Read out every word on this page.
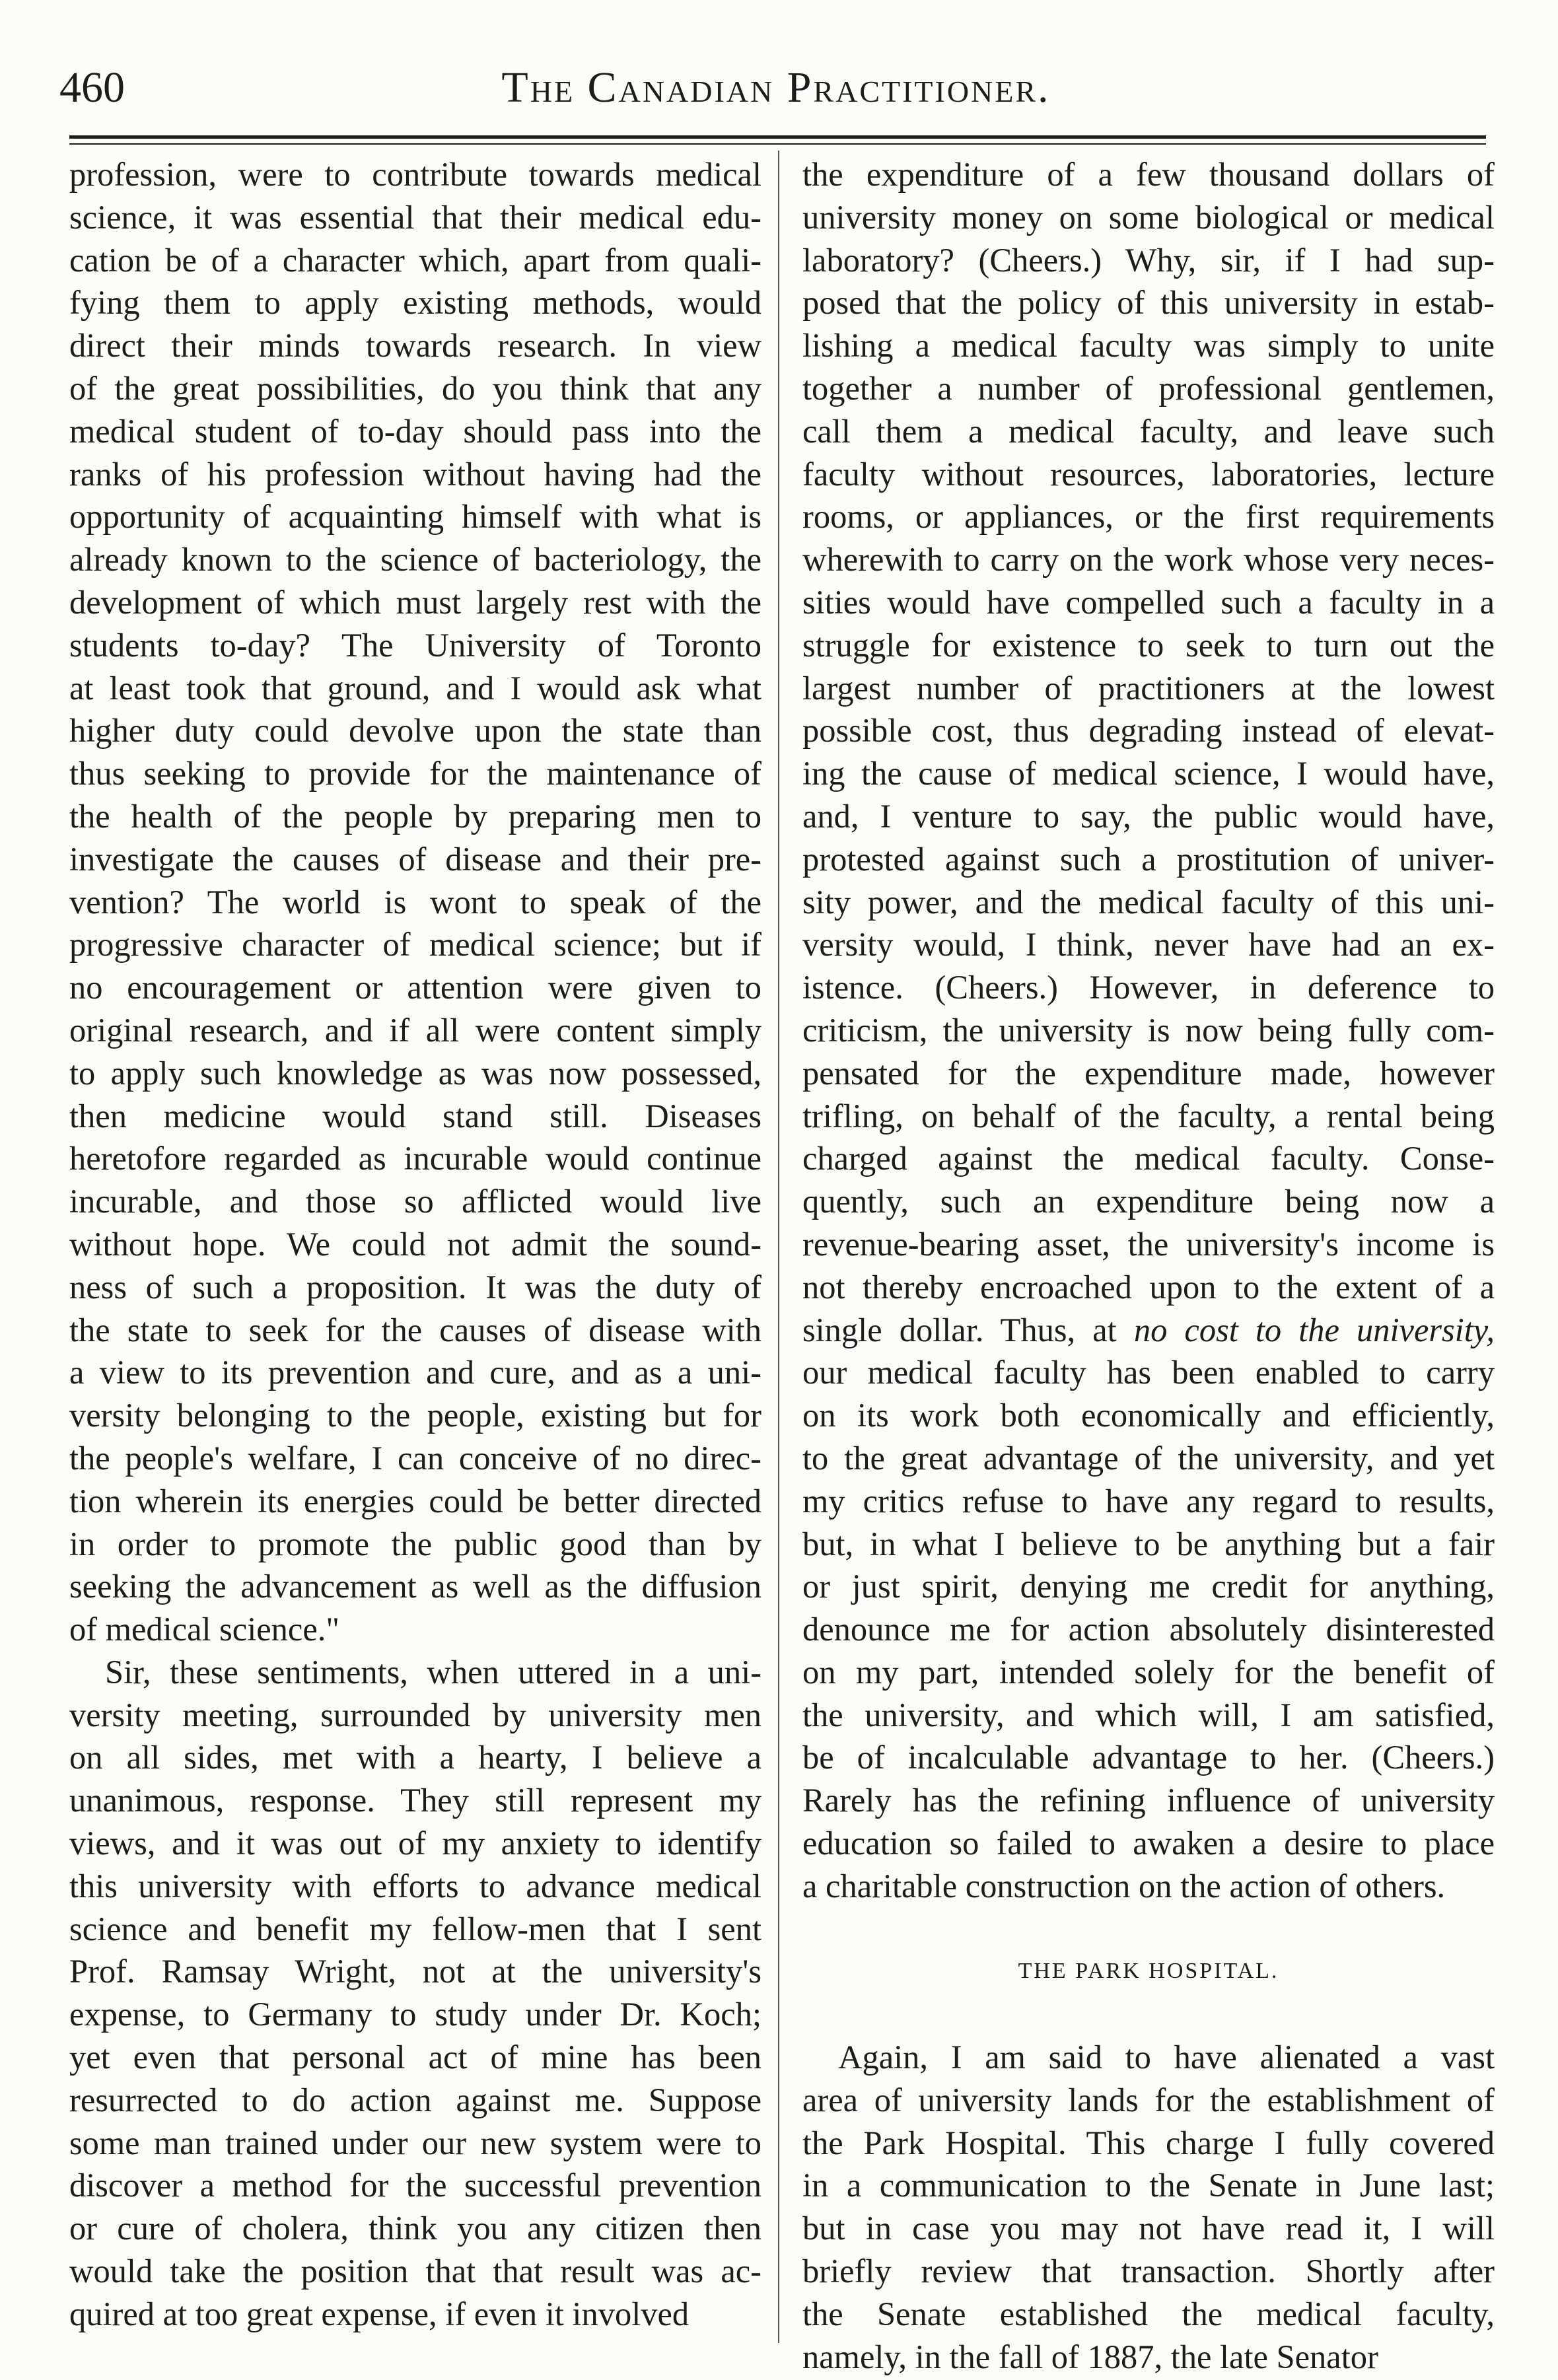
460	The Canadian Practitioner.
profession, were to contribute towards medical
science, it was essential that their medical edu-
cation be of a character which, apart from quali-
fying them to apply existing methods, would
direct their minds towards research. In view
of the great possibilities, do you think that any
medical student of to-day should pass into the
ranks of his profession without having had the
opportunity of acquainting himself with what is
already known to the science of bacteriology, the
development of which must largely rest with the
students to-day? The University of Toronto
at least took that ground, and I would ask what
higher duty could devolve upon the state than
thus seeking to provide for the maintenance of
the health of the people by preparing men to
investigate the causes of disease and their pre-
vention? The world is wont to speak of the
progressive character of medical science; but if
no encouragement or attention were given to
original research, and if all were content simply
to apply such knowledge as was now possessed,
then medicine would stand still. Diseases
heretofore regarded as incurable would continue
incurable, and those so afflicted would live
without hope. We could not admit the sound-
ness of such a proposition. It was the duty of
the state to seek for the causes of disease with
a view to its prevention and cure, and as a uni-
versity belonging to the people, existing but for
the people's welfare, I can conceive of no direc-
tion wherein its energies could be better directed
in order to promote the public good than by
seeking the advancement as well as the diffusion
of medical science."
Sir, these sentiments, when uttered in a uni-
versity meeting, surrounded by university men
on all sides, met with a hearty, I believe a
unanimous, response. They still represent my
views, and it was out of my anxiety to identify
this university with efforts to advance medical
science and benefit my fellow-men that I sent
Prof. Ramsay Wright, not at the university's
expense, to Germany to study under Dr. Koch;
yet even that personal act of mine has been
resurrected to do action against me. Suppose
some man trained under our new system were to
discover a method for the successful prevention
or cure of cholera, think you any citizen then
would take the position that that result was ac-
quired at too great expense, if even it involved
the expenditure of a few thousand dollars of
university money on some biological or medical
laboratory? (Cheers.) Why, sir, if I had sup-
posed that the policy of this university in estab-
lishing a medical faculty was simply to unite
together a number of professional gentlemen,
call them a medical faculty, and leave such
faculty without resources, laboratories, lecture
rooms, or appliances, or the first requirements
wherewith to carry on the work whose very neces-
sities would have compelled such a faculty in a
struggle for existence to seek to turn out the
largest number of practitioners at the lowest
possible cost, thus degrading instead of elevat-
ing the cause of medical science, I would have,
and, I venture to say, the public would have,
protested against such a prostitution of univer-
sity power, and the medical faculty of this uni-
versity would, I think, never have had an ex-
istence. (Cheers.) However, in deference to
criticism, the university is now being fully com-
pensated for the expenditure made, however
trifling, on behalf of the faculty, a rental being
charged against the medical faculty. Conse-
quently, such an expenditure being now a
revenue-bearing asset, the university's income is
not thereby encroached upon to the extent of a
single dollar. Thus, at no cost to the university,
our medical faculty has been enabled to carry
on its work both economically and efficiently,
to the great advantage of the university, and yet
my critics refuse to have any regard to results,
but, in what I believe to be anything but a fair
or just spirit, denying me credit for anything,
denounce me for action absolutely disinterested
on my part, intended solely for the benefit of
the university, and which will, I am satisfied,
be of incalculable advantage to her. (Cheers.)
Rarely has the refining influence of university
education so failed to awaken a desire to place
a charitable construction on the action of others.
THE PARK HOSPITAL.
Again, I am said to have alienated a vast
area of university lands for the establishment of
the Park Hospital. This charge I fully covered
in a communication to the Senate in June last;
but in case you may not have read it, I will
briefly review that transaction. Shortly after
the Senate established the medical faculty,
namely, in the fall of 1887, the late Senator
